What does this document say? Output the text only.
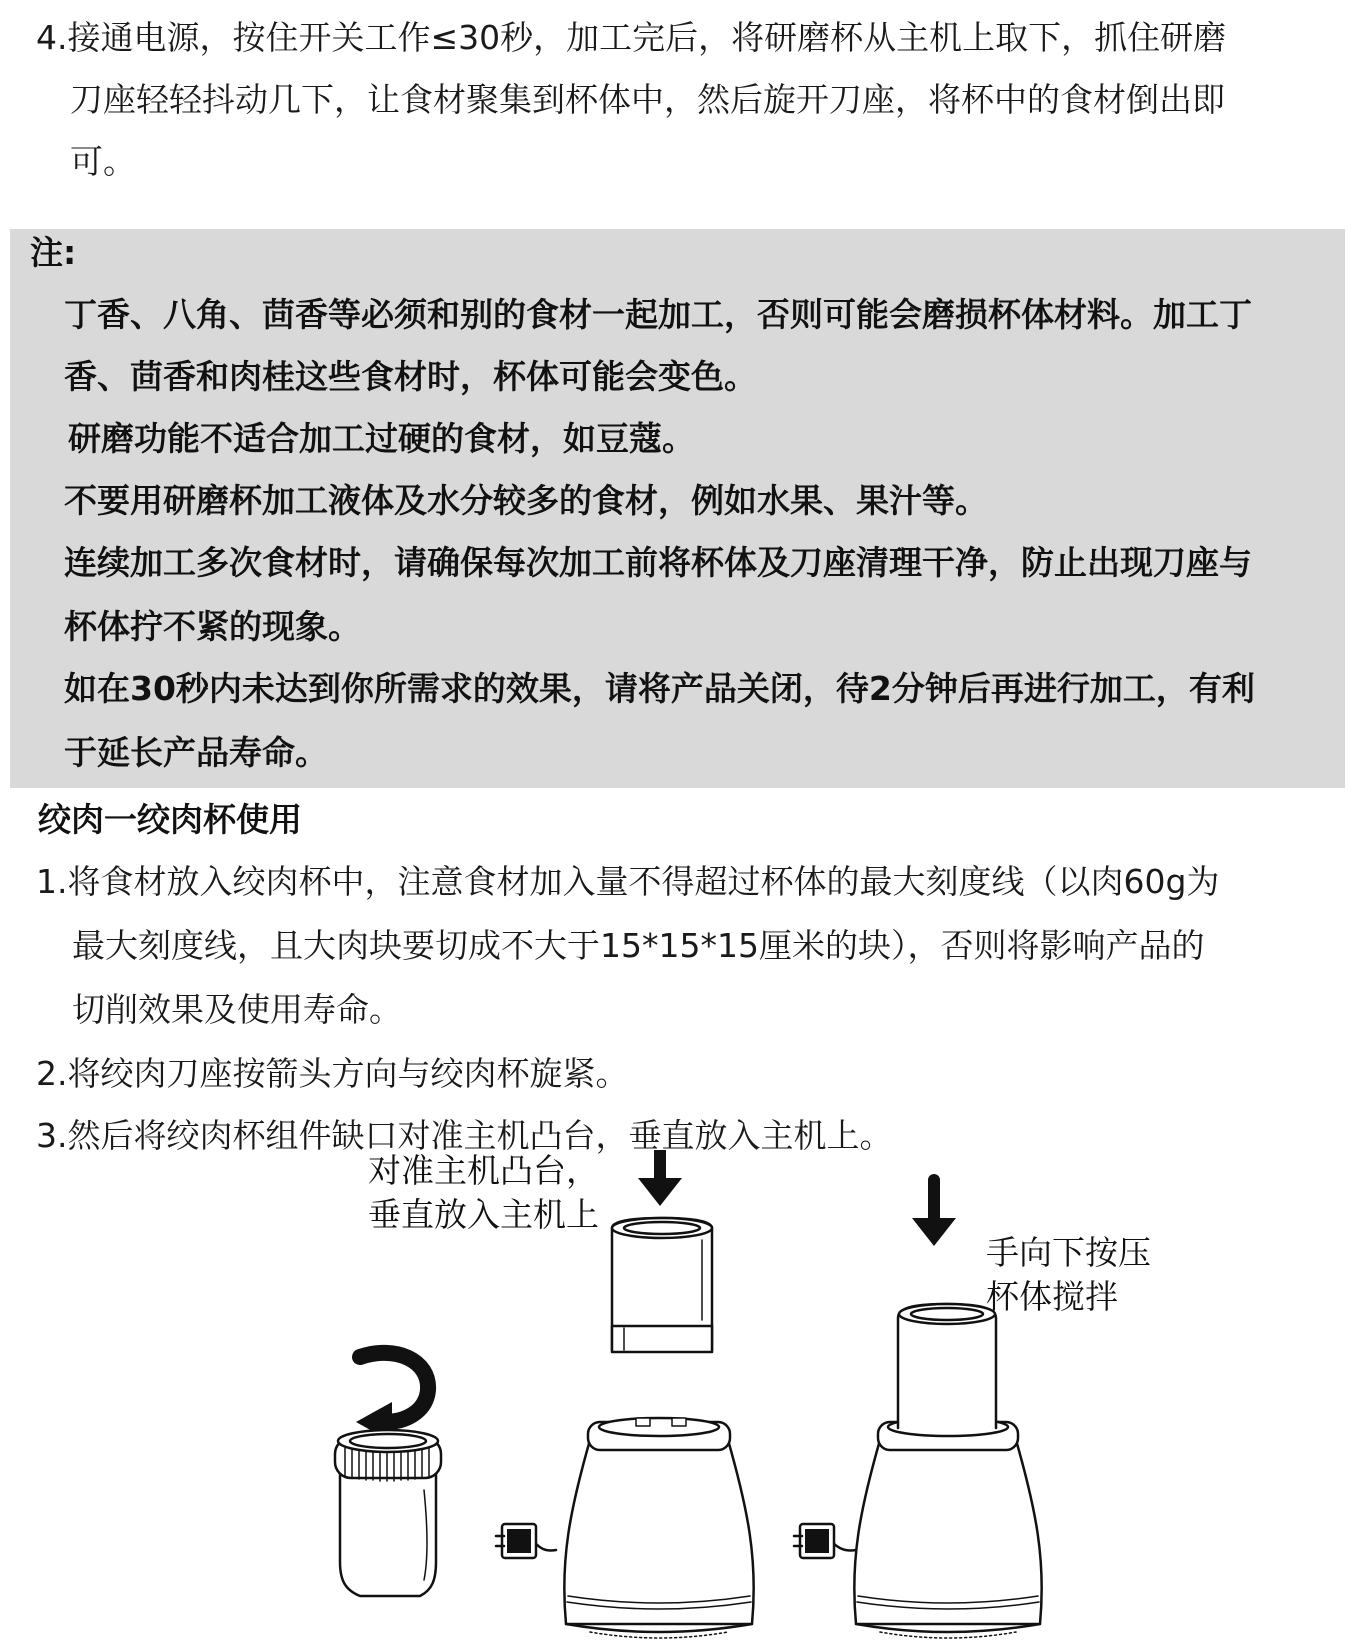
4.接通电源，按住开关工作≤30秒，加工完后，将研磨杯从主机上取下，抓住研磨

刀座轻轻抖动几下，让食材聚集到杯体中，然后旋开刀座，将杯中的食材倒出即

可。

注:

丁香、八角、茴香等必须和别的食材一起加工，否则可能会磨损杯体材料。加工丁

香、茴香和肉桂这些食材时，杯体可能会变色。

研磨功能不适合加工过硬的食材，如豆蔻。

不要用研磨杯加工液体及水分较多的食材，例如水果、果汁等。

连续加工多次食材时，请确保每次加工前将杯体及刀座清理干净，防止出现刀座与

杯体拧不紧的现象。

如在30秒内未达到你所需求的效果，请将产品关闭，待2分钟后再进行加工，有利

于延长产品寿命。

绞肉一绞肉杯使用

1.将食材放入绞肉杯中，注意食材加入量不得超过杯体的最大刻度线（以肉60g为

最大刻度线，且大肉块要切成不大于15*15*15厘米的块），否则将影响产品的

切削效果及使用寿命。

2.将绞肉刀座按箭头方向与绞肉杯旋紧。

3.然后将绞肉杯组件缺口对准主机凸台，垂直放入主机上。

对准主机凸台，

垂直放入主机上

手向下按压

杯体搅拌
